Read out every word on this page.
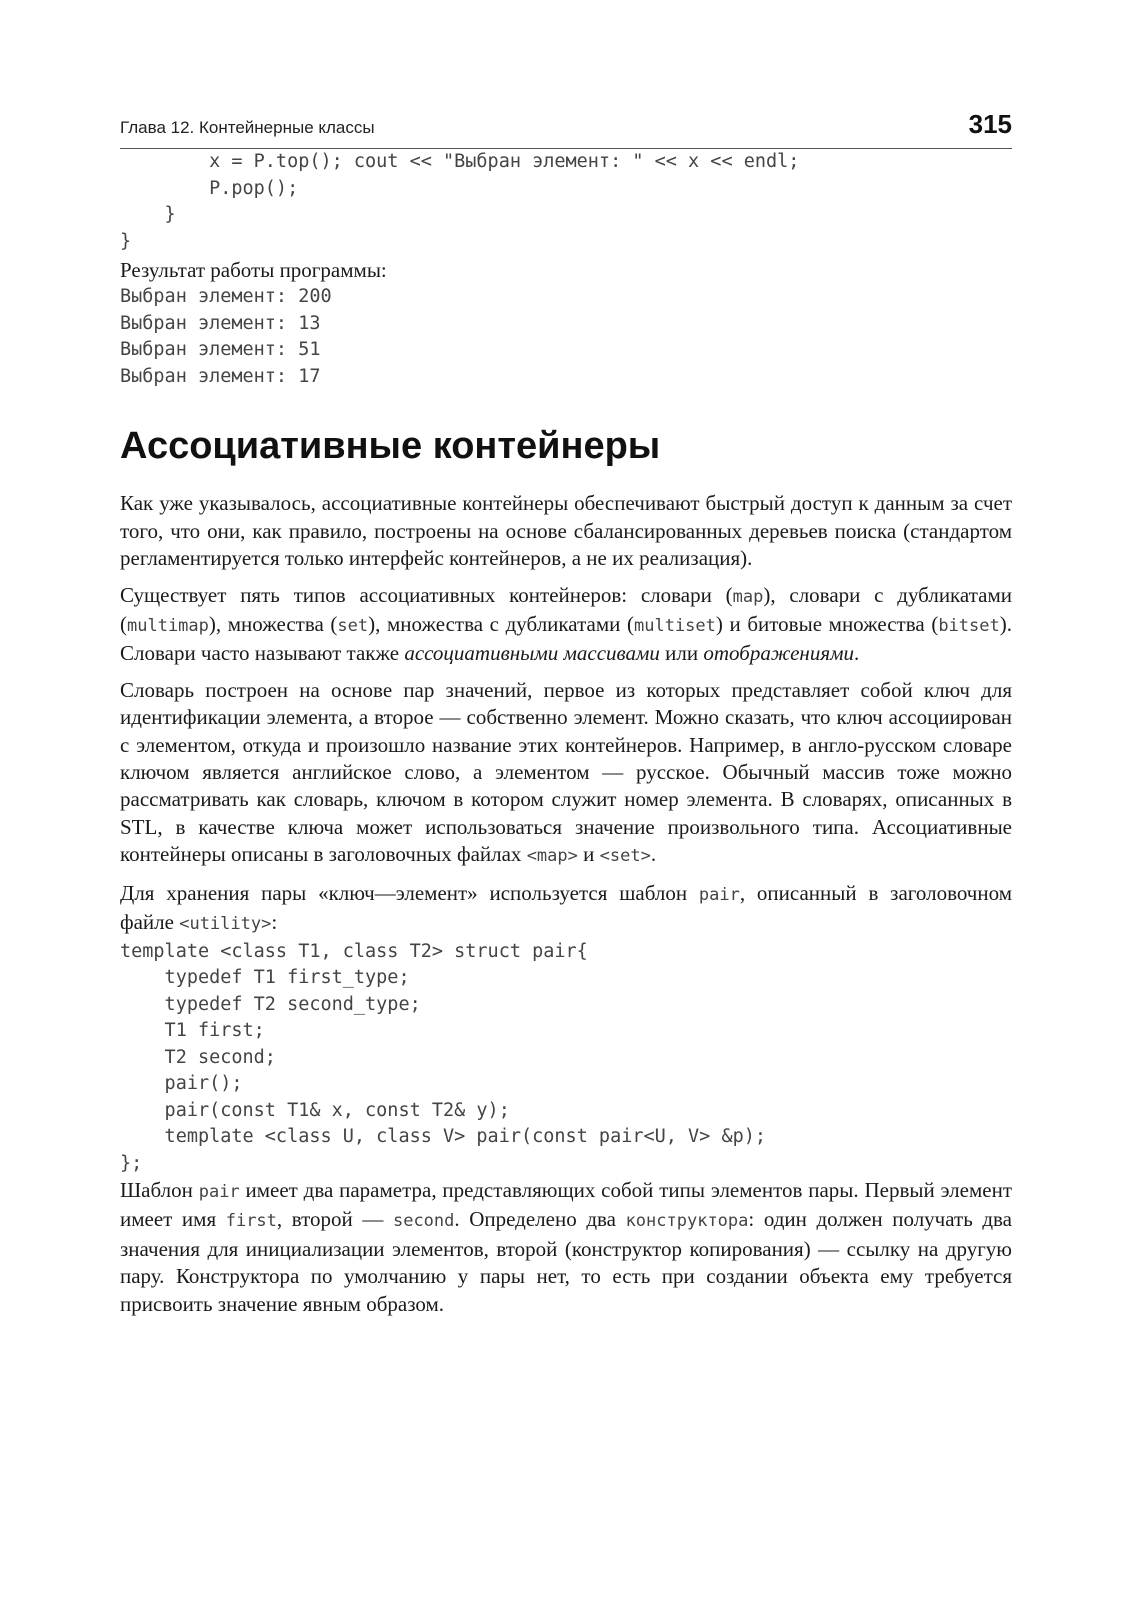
Глава 12. Контейнерные классы	315
x = P.top(); cout << "Выбран элемент: " << x << endl;
P.pop();
}
}

Результат работы программы:

Выбран элемент: 200
Выбран элемент: 13
Выбран элемент: 51
Выбран элемент: 17
Ассоциативные контейнеры

Как уже указывалось, ассоциативные контейнеры обеспечивают быстрый доступ к данным за счет того, что они, как правило, построены на основе сбалансированных деревьев поиска (стандартом регламентируется только интерфейс контейнеров, а не их реализация).

Существует пять типов ассоциативных контейнеров: словари (map), словари с дубликатами (multimap), множества (set), множества с дубликатами (multiset) и битовые множества (bitset). Словари часто называют также ассоциативными массивами или отображениями.

Словарь построен на основе пар значений, первое из которых представляет собой ключ для идентификации элемента, а второе — собственно элемент. Можно сказать, что ключ ассоциирован с элементом, откуда и произошло название этих контейнеров. Например, в англо-русском словаре ключом является английское слово, а элементом — русское. Обычный массив тоже можно рассматривать как словарь, ключом в котором служит номер элемента. В словарях, описанных в STL, в качестве ключа может использоваться значение произвольного типа. Ассоциативные контейнеры описаны в заголовочных файлах <map> и <set>.

Для хранения пары «ключ—элемент» используется шаблон pair, описанный в заголовочном файле <utility>:

template <class T1, class T2> struct pair{
typedef T1 first_type;
typedef T2 second_type;
T1 first;
T2 second;
pair();
pair(const T1& x, const T2& y);
template <class U, class V> pair(const pair<U, V> &p);
};

Шаблон pair имеет два параметра, представляющих собой типы элементов пары. Первый элемент имеет имя first, второй — second. Определено два конструктора: один должен получать два значения для инициализации элементов, второй (конструктор копирования) — ссылку на другую пару. Конструктора по умолчанию у пары нет, то есть при создании объекта ему требуется присвоить значение явным образом.
